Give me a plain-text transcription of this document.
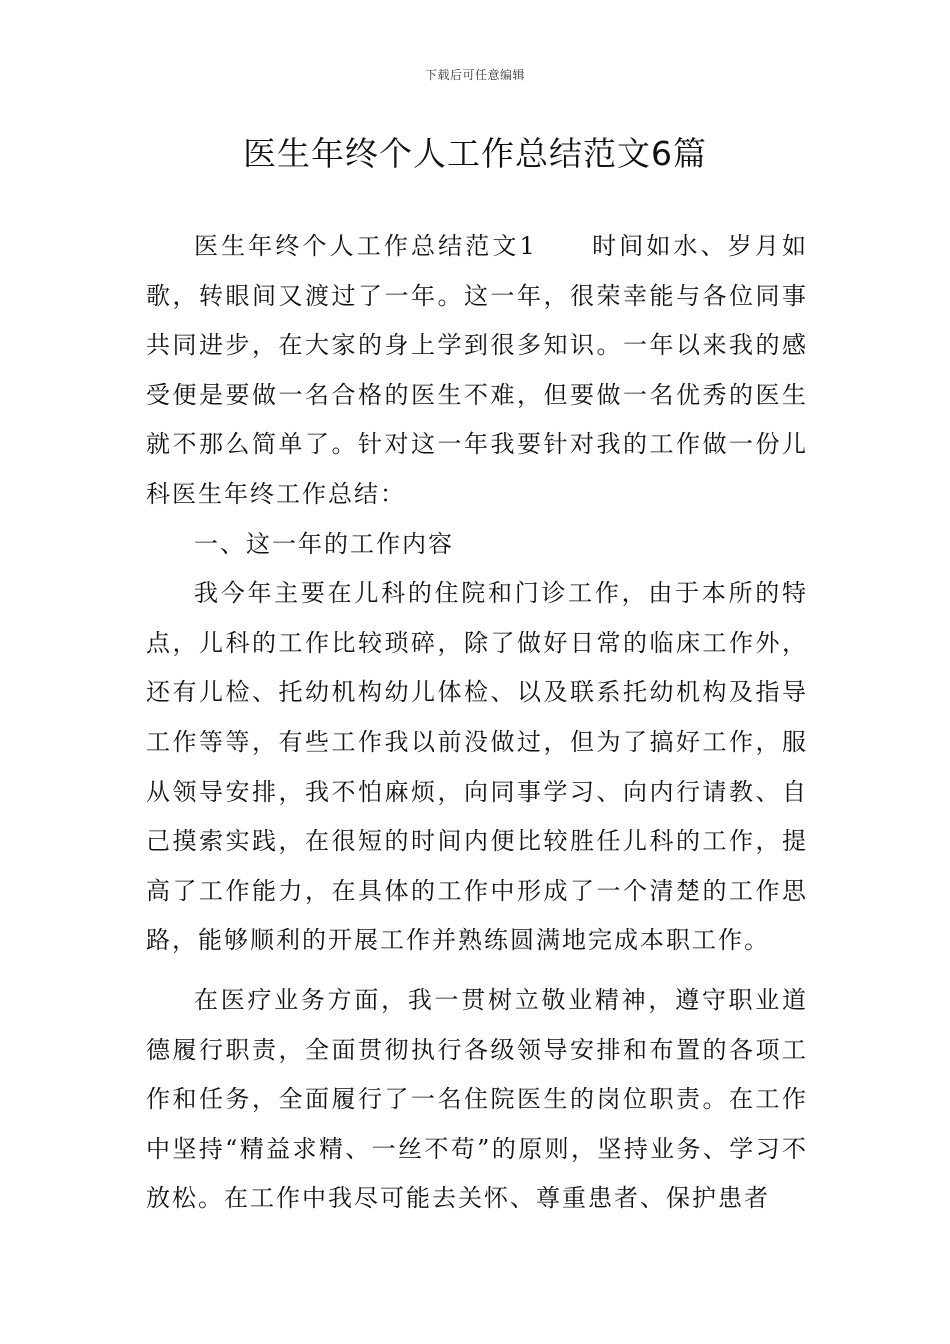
下载后可任意编辑
医生年终个人工作总结范文6篇

医生年终个人工作总结范文1　　时间如水、岁月如歌，转眼间又渡过了一年。这一年，很荣幸能与各位同事共同进步，在大家的身上学到很多知识。一年以来我的感受便是要做一名合格的医生不难，但要做一名优秀的医生就不那么简单了。针对这一年我要针对我的工作做一份儿科医生年终工作总结：

一、这一年的工作内容

我今年主要在儿科的住院和门诊工作，由于本所的特点，儿科的工作比较琐碎，除了做好日常的临床工作外，还有儿检、托幼机构幼儿体检、以及联系托幼机构及指导工作等等，有些工作我以前没做过，但为了搞好工作，服从领导安排，我不怕麻烦，向同事学习、向内行请教、自己摸索实践，在很短的时间内便比较胜任儿科的工作，提高了工作能力，在具体的工作中形成了一个清楚的工作思路，能够顺利的开展工作并熟练圆满地完成本职工作。

在医疗业务方面，我一贯树立敬业精神，遵守职业道德履行职责，全面贯彻执行各级领导安排和布置的各项工作和任务，全面履行了一名住院医生的岗位职责。在工作中坚持“精益求精、一丝不苟”的原则，坚持业务、学习不放松。在工作中我尽可能去关怀、尊重患者、保护患者
